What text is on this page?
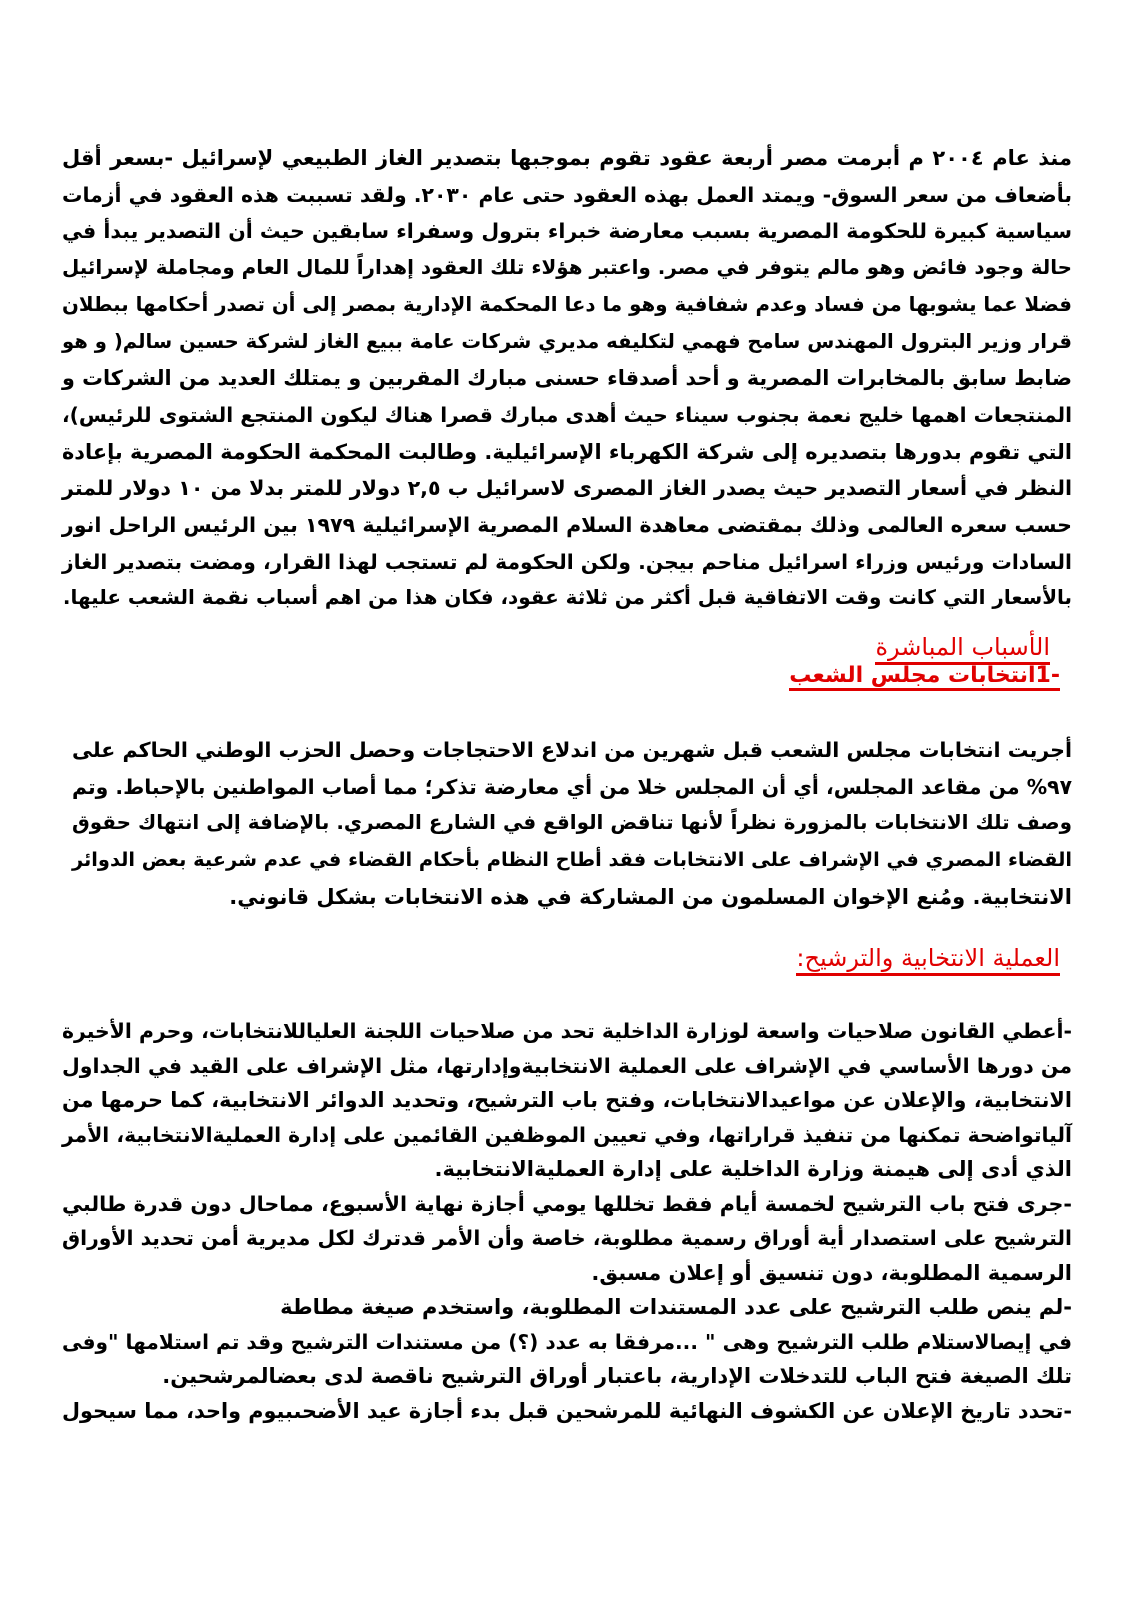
منذ عام ٢٠٠٤ م أبرمت مصر أربعة عقود تقوم بموجبها بتصدير الغاز الطبيعي لإسرائيل -بسعر أقل
بأضعاف من سعر السوق- ويمتد العمل بهذه العقود حتى عام ٢٠٣٠. ولقد تسببت هذه العقود في أزمات
سياسية كبيرة للحكومة المصرية بسبب معارضة خبراء بترول وسفراء سابقين حيث أن التصدير يبدأ في
حالة وجود فائض وهو مالم يتوفر في مصر. واعتبر هؤلاء تلك العقود إهداراً للمال العام ومجاملة لإسرائيل
فضلا عما يشوبها من فساد وعدم شفافية وهو ما دعا المحكمة الإدارية بمصر إلى أن تصدر أحكامها ببطلان
قرار وزير البترول المهندس سامح فهمي لتكليفه مديري شركات عامة ببيع الغاز لشركة حسين سالم( و هو
ضابط سابق بالمخابرات المصرية و أحد أصدقاء حسنى مبارك المقربين و يمتلك العديد من الشركات و
المنتجعات اهمها خليج نعمة بجنوب سيناء حيث أهدى مبارك قصرا هناك ليكون المنتجع الشتوى للرئيس)،
التي تقوم بدورها بتصديره إلى شركة الكهرباء الإسرائيلية. وطالبت المحكمة الحكومة المصرية بإعادة
النظر في أسعار التصدير حيث يصدر الغاز المصرى لاسرائيل ب ٢,٥ دولار للمتر بدلا من ١٠ دولار للمتر
حسب سعره العالمى وذلك بمقتضى معاهدة السلام المصرية الإسرائيلية ١٩٧٩ بين الرئيس الراحل انور
السادات ورئيس وزراء اسرائيل مناحم بيجن. ولكن الحكومة لم تستجب لهذا القرار، ومضت بتصدير الغاز
بالأسعار التي كانت وقت الاتفاقية قبل أكثر من ثلاثة عقود، فكان هذا من اهم أسباب نقمة الشعب عليها.
الأسباب المباشرة
-1انتخابات مجلس الشعب
أجريت انتخابات مجلس الشعب قبل شهرين من اندلاع الاحتجاجات وحصل الحزب الوطني الحاكم على
٩٧% من مقاعد المجلس، أي أن المجلس خلا من أي معارضة تذكر؛ مما أصاب المواطنين بالإحباط. وتم
وصف تلك الانتخابات بالمزورة نظراً لأنها تناقض الواقع في الشارع المصري. بالإضافة إلى انتهاك حقوق
القضاء المصري في الإشراف على الانتخابات فقد أطاح النظام بأحكام القضاء في عدم شرعية بعض الدوائر
الانتخابية. ومُنع الإخوان المسلمون من المشاركة في هذه الانتخابات بشكل قانوني.
العملية الانتخابية والترشيح:
-أعطي القانون صلاحيات واسعة لوزارة الداخلية تحد من صلاحيات اللجنة العلياللانتخابات، وحرم الأخيرة
من دورها الأساسي في الإشراف على العملية الانتخابيةوإدارتها، مثل الإشراف على القيد في الجداول
الانتخابية، والإعلان عن مواعيدالانتخابات، وفتح باب الترشيح، وتحديد الدوائر الانتخابية، كما حرمها من
آلياتواضحة تمكنها من تنفيذ قراراتها، وفي تعيين الموظفين القائمين على إدارة العمليةالانتخابية، الأمر
الذي أدى إلى هيمنة وزارة الداخلية على إدارة العمليةالانتخابية.
-جرى فتح باب الترشيح لخمسة أيام فقط تخللها يومي أجازة نهاية الأسبوع، مماحال دون قدرة طالبي
الترشيح على استصدار أية أوراق رسمية مطلوبة، خاصة وأن الأمر قدترك لكل مديرية أمن تحديد الأوراق
الرسمية المطلوبة، دون تنسيق أو إعلان مسبق.
-لم ينص طلب الترشيح على عدد المستندات المطلوبة، واستخدم صيغة مطاطة
في إيصالاستلام طلب الترشيح وهى " ...مرفقا به عدد (؟) من مستندات الترشيح وقد تم استلامها "وفى
تلك الصيغة فتح الباب للتدخلات الإدارية، باعتبار أوراق الترشيح ناقصة لدى بعضالمرشحين.
-تحدد تاريخ الإعلان عن الكشوف النهائية للمرشحين قبل بدء أجازة عيد الأضحىبيوم واحد، مما سيحول
